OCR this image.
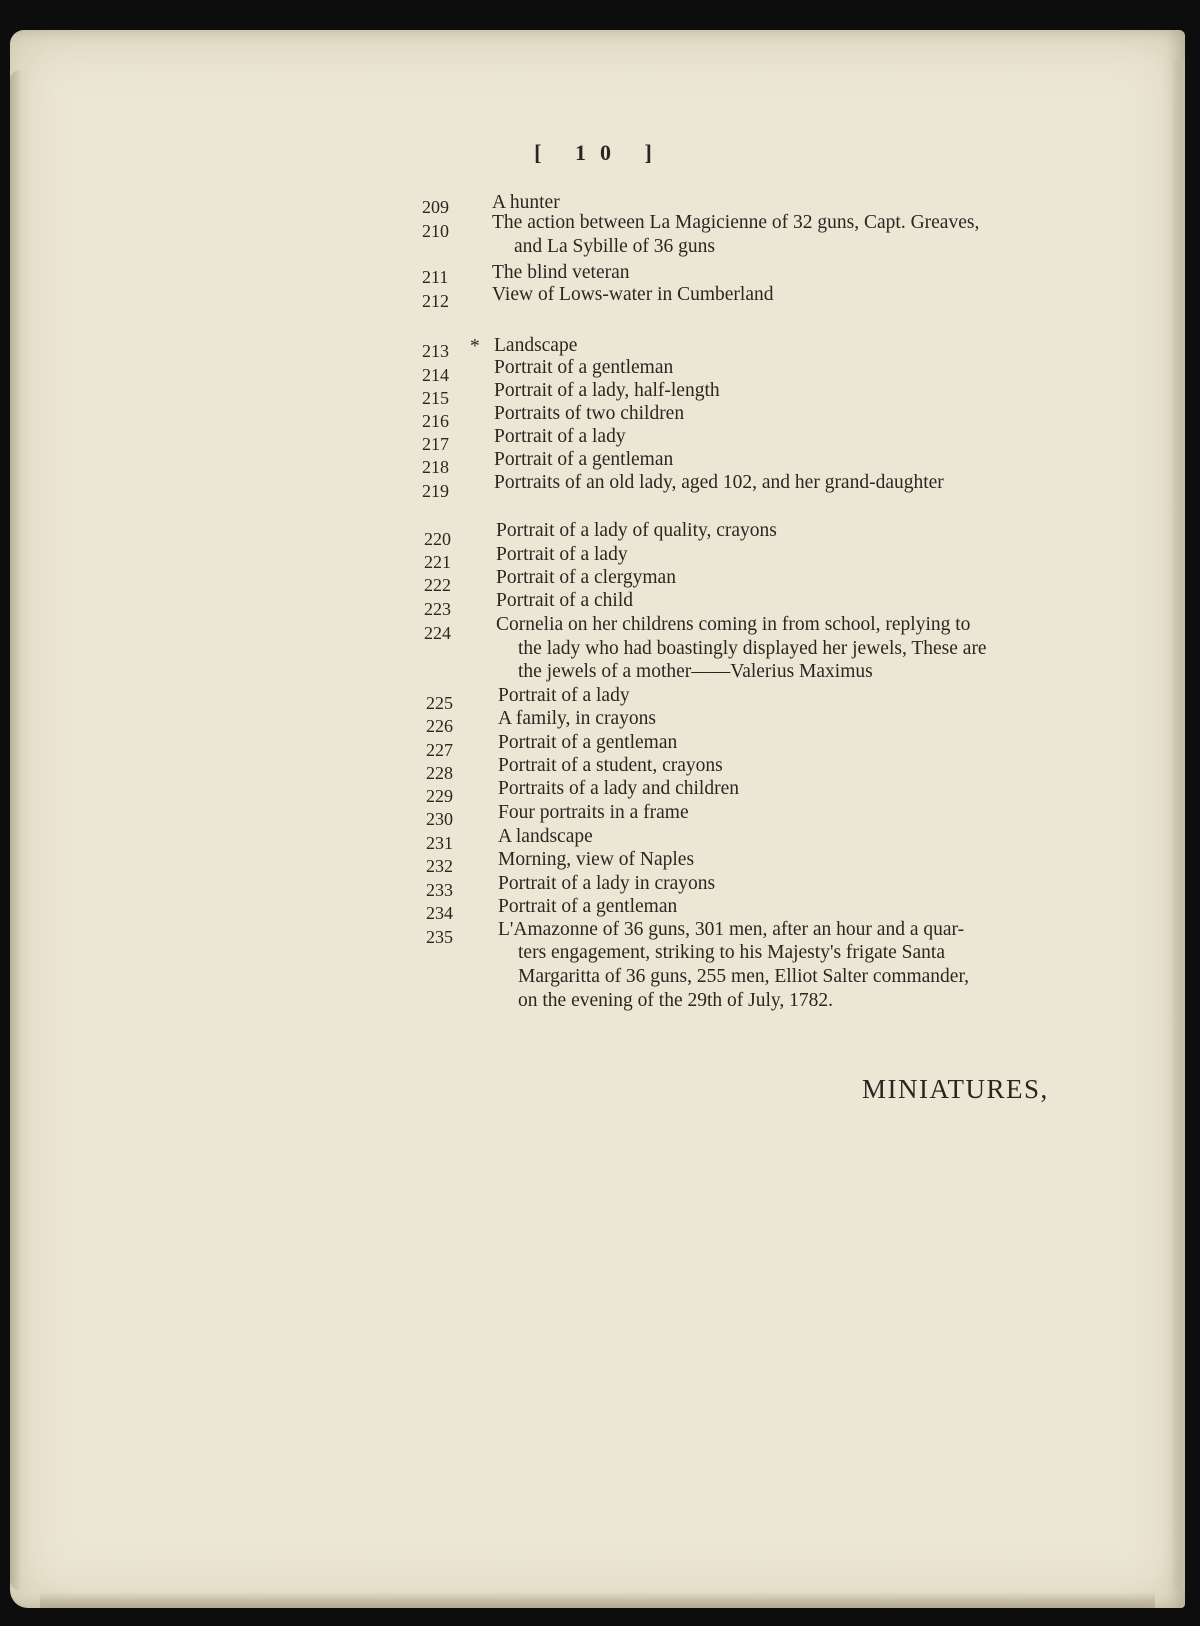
[ 10 ]
209 A hunter
210 The action between La Magicienne of 32 guns, Capt. Greaves,
and La Sybille of 36 guns
211 The blind veteran
212 View of Lows-water in Cumberland
213 * Landscape
214 Portrait of a gentleman
215 Portrait of a lady, half-length
216 Portraits of two children
217 Portrait of a lady
218 Portrait of a gentleman
219 Portraits of an old lady, aged 102, and her grand-daughter
220 Portrait of a lady of quality, crayons
221 Portrait of a lady
222 Portrait of a clergyman
223 Portrait of a child
224 Cornelia on her childrens coming in from school, replying to
the lady who had boastingly displayed her jewels, These are
the jewels of a mother——Valerius Maximus
225 Portrait of a lady
226 A family, in crayons
227 Portrait of a gentleman
228 Portrait of a student, crayons
229 Portraits of a lady and children
230 Four portraits in a frame
231 A landscape
232 Morning, view of Naples
233 Portrait of a lady in crayons
234 Portrait of a gentleman
235 L'Amazonne of 36 guns, 301 men, after an hour and a quar-
ters engagement, striking to his Majesty's frigate Santa
Margaritta of 36 guns, 255 men, Elliot Salter commander,
on the evening of the 29th of July, 1782.
MINIATURES,
